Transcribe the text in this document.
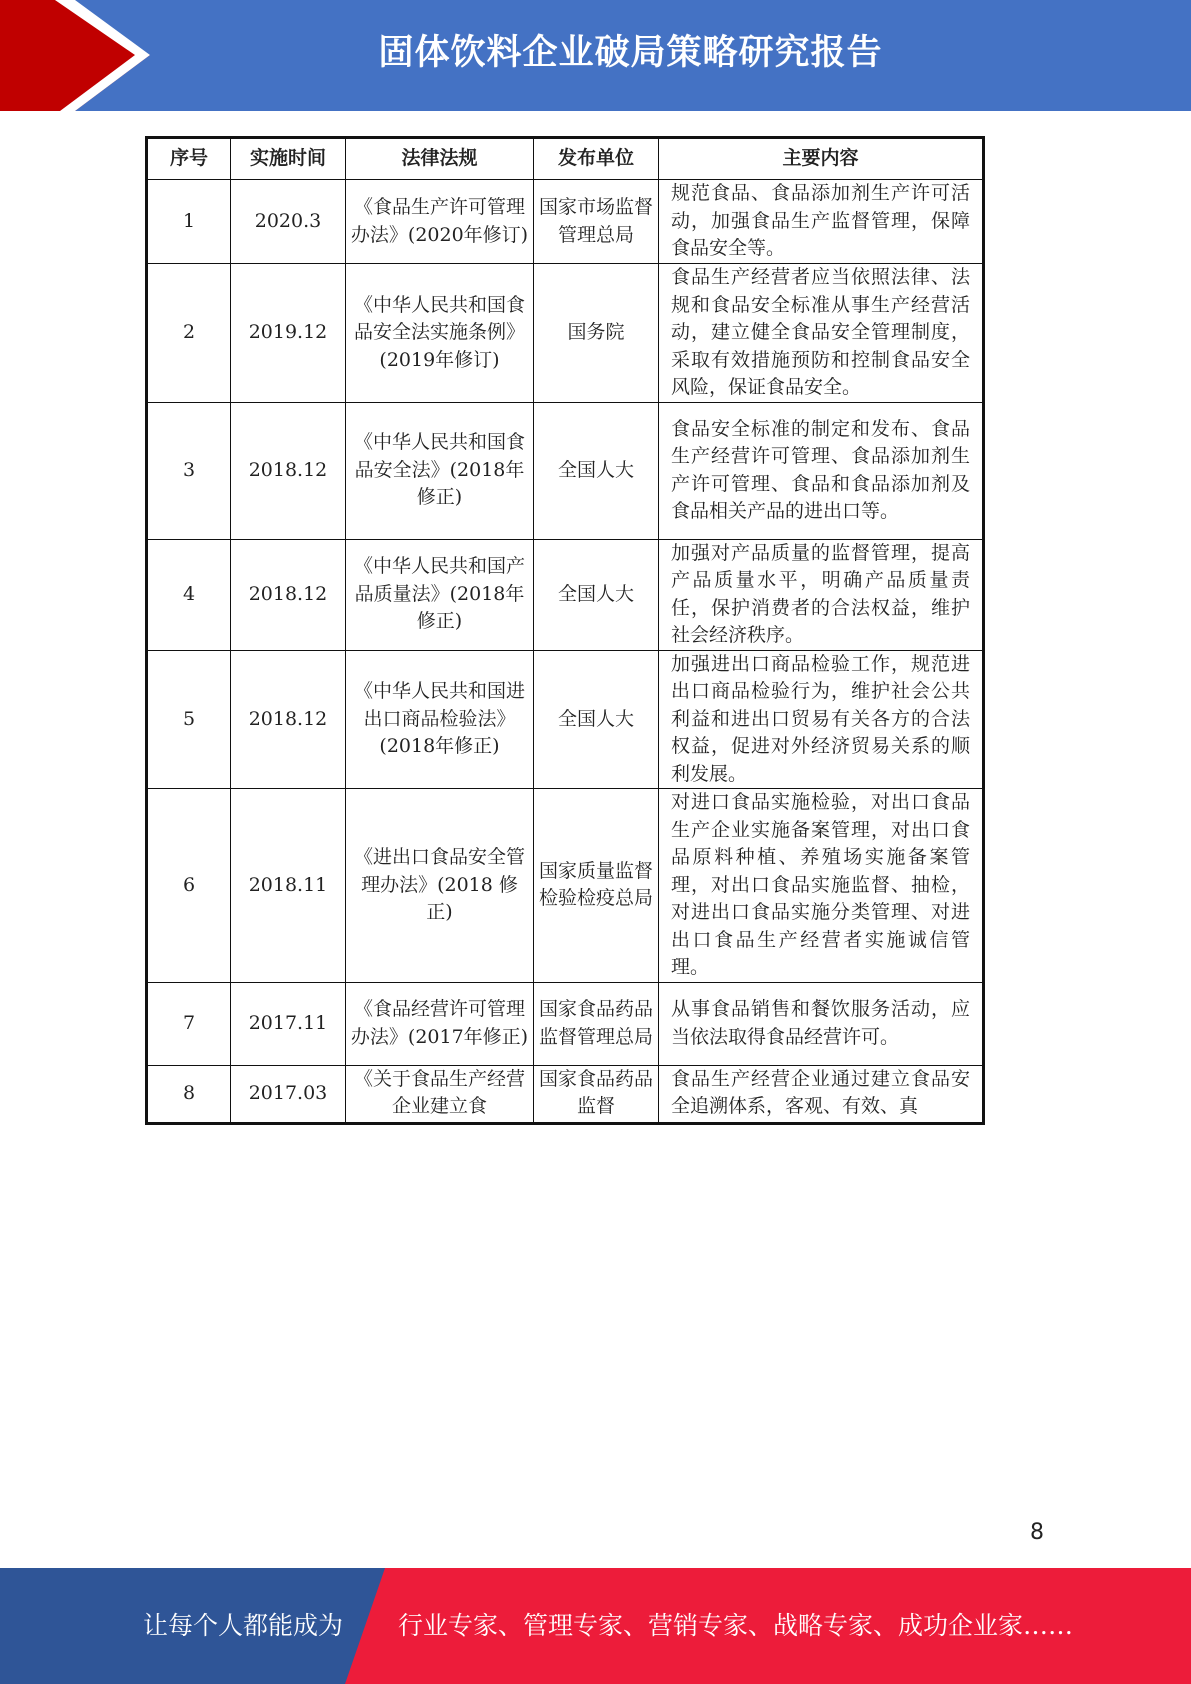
固体饮料企业破局策略研究报告
序号	实施时间	法律法规	发布单位	主要内容
1	2020.3	《食品生产许可管理办法》(2020年修订)	国家市场监督管理总局	规范食品、食品添加剂生产许可活动，加强食品生产监督管理，保障食品安全等。
2	2019.12	《中华人民共和国食品安全法实施条例》(2019年修订)	国务院	食品生产经营者应当依照法律、法规和食品安全标准从事生产经营活动，建立健全食品安全管理制度，采取有效措施预防和控制食品安全风险，保证食品安全。
3	2018.12	《中华人民共和国食品安全法》(2018年修正)	全国人大	食品安全标准的制定和发布、食品生产经营许可管理、食品添加剂生产许可管理、食品和食品添加剂及食品相关产品的进出口等。
4	2018.12	《中华人民共和国产品质量法》(2018年修正)	全国人大	加强对产品质量的监督管理，提高产品质量水平，明确产品质量责任，保护消费者的合法权益，维护社会经济秩序。
5	2018.12	《中华人民共和国进出口商品检验法》(2018年修正)	全国人大	加强进出口商品检验工作，规范进出口商品检验行为，维护社会公共利益和进出口贸易有关各方的合法权益，促进对外经济贸易关系的顺利发展。
6	2018.11	《进出口食品安全管理办法》(2018 修正)	国家质量监督检验检疫总局	对进口食品实施检验，对出口食品生产企业实施备案管理，对出口食品原料种植、养殖场实施备案管理，对出口食品实施监督、抽检，对进出口食品实施分类管理、对进出口食品生产经营者实施诚信管理。
7	2017.11	《食品经营许可管理办法》(2017年修正)	国家食品药品监督管理总局	从事食品销售和餐饮服务活动，应当依法取得食品经营许可。
8	2017.03	《关于食品生产经营企业建立食	国家食品药品监督	食品生产经营企业通过建立食品安全追溯体系，客观、有效、真
8
让每个人都能成为 行业专家、管理专家、营销专家、战略专家、成功企业家……
